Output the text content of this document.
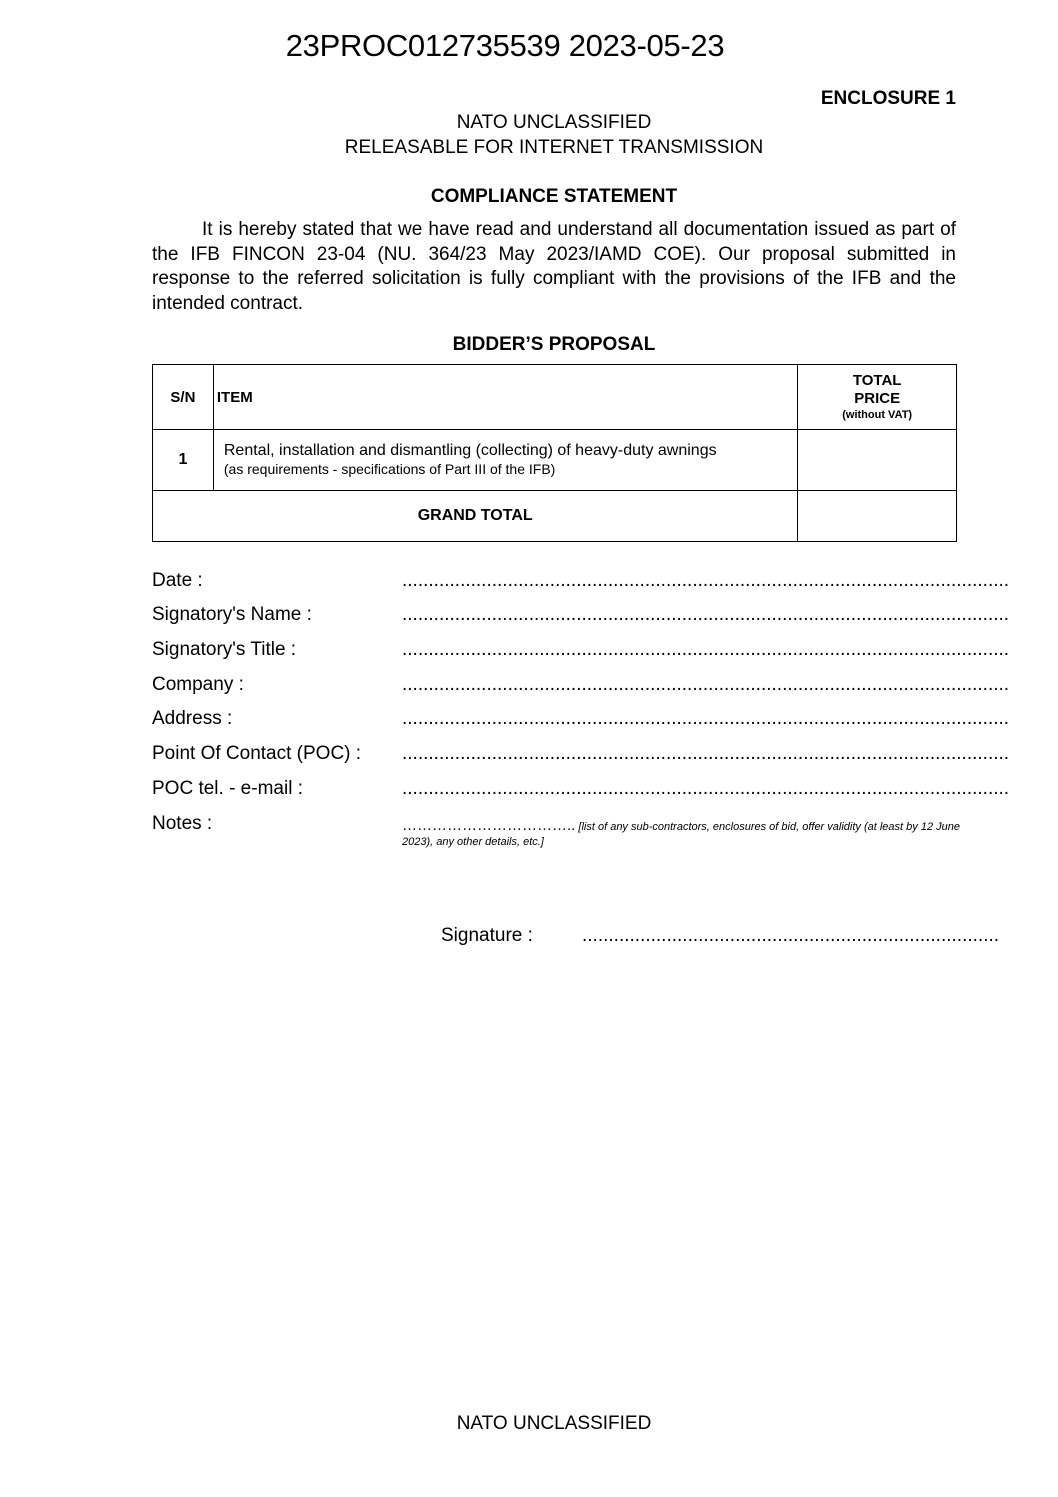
23PROC012735539 2023-05-23
ENCLOSURE 1
NATO UNCLASSIFIED
RELEASABLE FOR INTERNET TRANSMISSION
COMPLIANCE STATEMENT
It is hereby stated that we have read and understand all documentation issued as part of the IFB FINCON 23-04 (NU. 364/23 May 2023/IAMD COE). Our proposal submitted in response to the referred solicitation is fully compliant with the provisions of the IFB and the intended contract.
BIDDER’S PROPOSAL
S/N	ITEM	TOTAL
PRICE
(without VAT)

1	Rental, installation and dismantling (collecting) of heavy-duty awnings
(as requirements - specifications of Part III of the IFB)	

GRAND TOTAL		
Date :	...................................................................................................................
Signatory's Name :	...................................................................................................................
Signatory's Title :	...................................................................................................................
Company :	...................................................................................................................
Address :	...................................................................................................................
Point Of Contact (POC) : ...................................................................................................................
POC tel. - e-mail :	...................................................................................................................
Notes :	…………………………….. [list of any sub-contractors, enclosures of bid, offer validity (at least by 12 June 2023), any other details, etc.]
Signature :	...............................................................................
NATO UNCLASSIFIED
